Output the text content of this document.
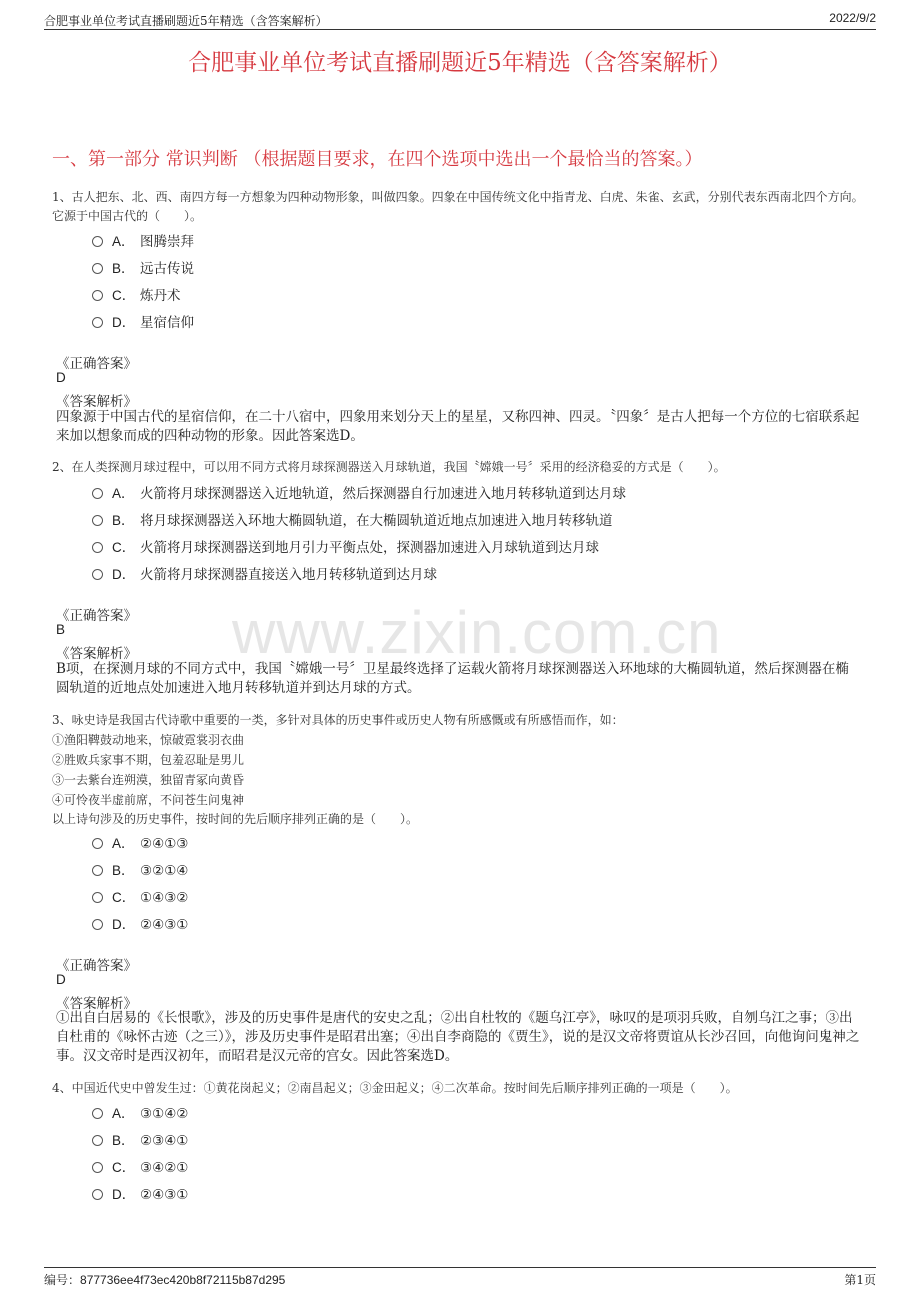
合肥事业单位考试直播刷题近5年精选（含答案解析）	2022/9/2
合肥事业单位考试直播刷题近5年精选（含答案解析）
一、第一部分 常识判断 （根据题目要求，在四个选项中选出一个最恰当的答案。）
www.zixin.com.cn
1、古人把东、北、西、南四方每一方想象为四种动物形象，叫做四象。四象在中国传统文化中指青龙、白虎、朱雀、玄武，分别代表东西南北四个方向。它源于中国古代的（　　）。
A． 图腾崇拜
B． 远古传说
C． 炼丹术
D． 星宿信仰
《正确答案》
D
《答案解析》
四象源于中国古代的星宿信仰，在二十八宿中，四象用来划分天上的星星，又称四神、四灵。〝四象〞是古人把每一个方位的七宿联系起来加以想象而成的四种动物的形象。因此答案选D。
2、在人类探测月球过程中，可以用不同方式将月球探测器送入月球轨道，我国〝嫦娥一号〞采用的经济稳妥的方式是（　　）。
A． 火箭将月球探测器送入近地轨道，然后探测器自行加速进入地月转移轨道到达月球
B． 将月球探测器送入环地大椭圆轨道，在大椭圆轨道近地点加速进入地月转移轨道
C． 火箭将月球探测器送到地月引力平衡点处，探测器加速进入月球轨道到达月球
D． 火箭将月球探测器直接送入地月转移轨道到达月球
《正确答案》
B
《答案解析》
B项，在探测月球的不同方式中，我国〝嫦娥一号〞卫星最终选择了运载火箭将月球探测器送入环地球的大椭圆轨道，然后探测器在椭圆轨道的近地点处加速进入地月转移轨道并到达月球的方式。
3、咏史诗是我国古代诗歌中重要的一类，多针对具体的历史事件或历史人物有所感慨或有所感悟而作，如：
①渔阳鞞鼓动地来，惊破霓裳羽衣曲
②胜败兵家事不期，包羞忍耻是男儿
③一去紫台连朔漠，独留青冢向黄昏
④可怜夜半虚前席，不问苍生问鬼神
以上诗句涉及的历史事件，按时间的先后顺序排列正确的是（　　）。
A． ②④①③
B． ③②①④
C． ①④③②
D． ②④③①
《正确答案》
D
《答案解析》
①出自白居易的《长恨歌》，涉及的历史事件是唐代的安史之乱；②出自杜牧的《题乌江亭》，咏叹的是项羽兵败，自刎乌江之事；③出自杜甫的《咏怀古迹（之三）》，涉及历史事件是昭君出塞；④出自李商隐的《贾生》，说的是汉文帝将贾谊从长沙召回，向他询问鬼神之事。汉文帝时是西汉初年，而昭君是汉元帝的宫女。因此答案选D。
4、中国近代史中曾发生过：①黄花岗起义；②南昌起义；③金田起义；④二次革命。按时间先后顺序排列正确的一项是（　　）。
A． ③①④②
B． ②③④①
C． ③④②①
D． ②④③①
编号：877736ee4f73ec420b8f72115b87d295	第1页
